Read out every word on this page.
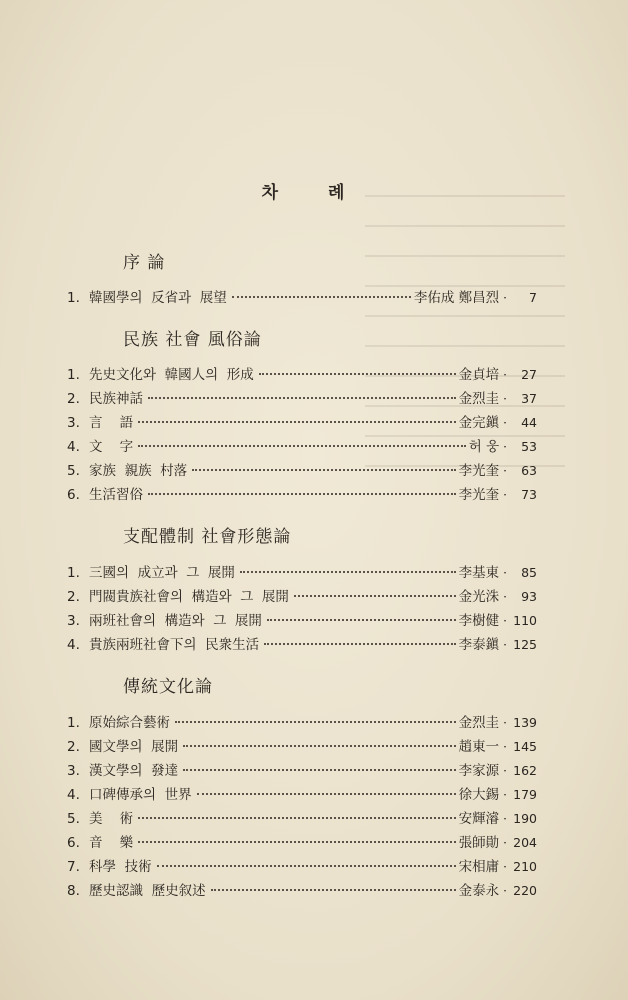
차 례
序 論
1. 韓國學의  反省과  展望	李佑成 鄭昌烈 ·	7
民族 社會 風俗論
1. 先史文化와  韓國人의  形成	金貞培 ·	27
2. 民族神話	金烈圭 ·	37
3. 言    語	金完鎭 ·	44
4. 文    字	허 웅 ·	53
5. 家族  親族  村落	李光奎 ·	63
6. 生活習俗	李光奎 ·	73
支配體制 社會形態論
1. 三國의  成立과  그  展開	李基東 ·	85
2. 門閥貴族社會의  構造와  그  展開	金光洙 ·	93
3. 兩班社會의  構造와  그  展開	李樹健 · 110
4. 貴族兩班社會下의  民衆生活	李泰鎭 · 125
傳統文化論
1. 原始綜合藝術	金烈圭 · 139
2. 國文學의  展開	趙東一 · 145
3. 漢文學의  發達	李家源 · 162
4. 口碑傳承의  世界	徐大錫 · 179
5. 美    術	安輝濬 · 190
6. 音    樂	張師勛 · 204
7. 科學  技術	宋相庸 · 210
8. 歷史認識  歷史叙述	金泰永 · 220
